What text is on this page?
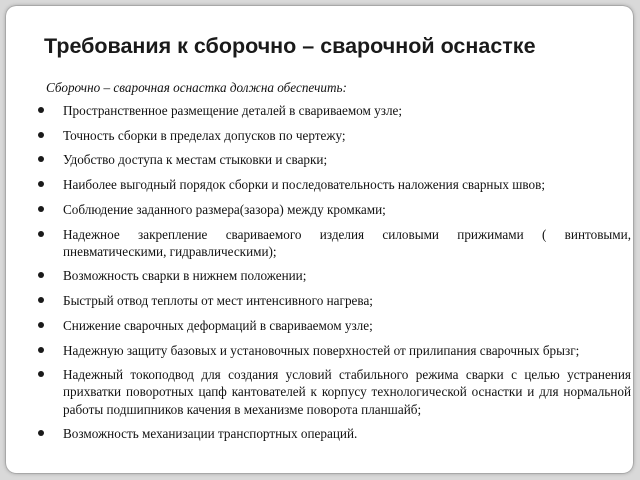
Требования к сборочно – сварочной оснастке

Сборочно – сварочная оснастка должна обеспечить:

Пространственное размещение деталей в свариваемом узле;
Точность сборки в пределах допусков по чертежу;
Удобство доступа к местам стыковки и сварки;
Наиболее выгодный порядок сборки и последовательность наложения сварных швов;
Соблюдение заданного размера(зазора) между кромками;
Надежное закрепление свариваемого изделия силовыми прижимами ( винтовыми, пневматическими, гидравлическими);
Возможность сварки в нижнем положении;
Быстрый отвод теплоты от мест интенсивного нагрева;
Снижение сварочных деформаций в свариваемом узле;
Надежную защиту базовых и установочных поверхностей от прилипания сварочных брызг;
Надежный токоподвод для создания условий стабильного режима сварки с целью устранения прихватки поворотных цапф кантователей к корпусу технологической оснастки и для нормальной работы подшипников качения в механизме поворота планшайб;
Возможность механизации транспортных операций.
